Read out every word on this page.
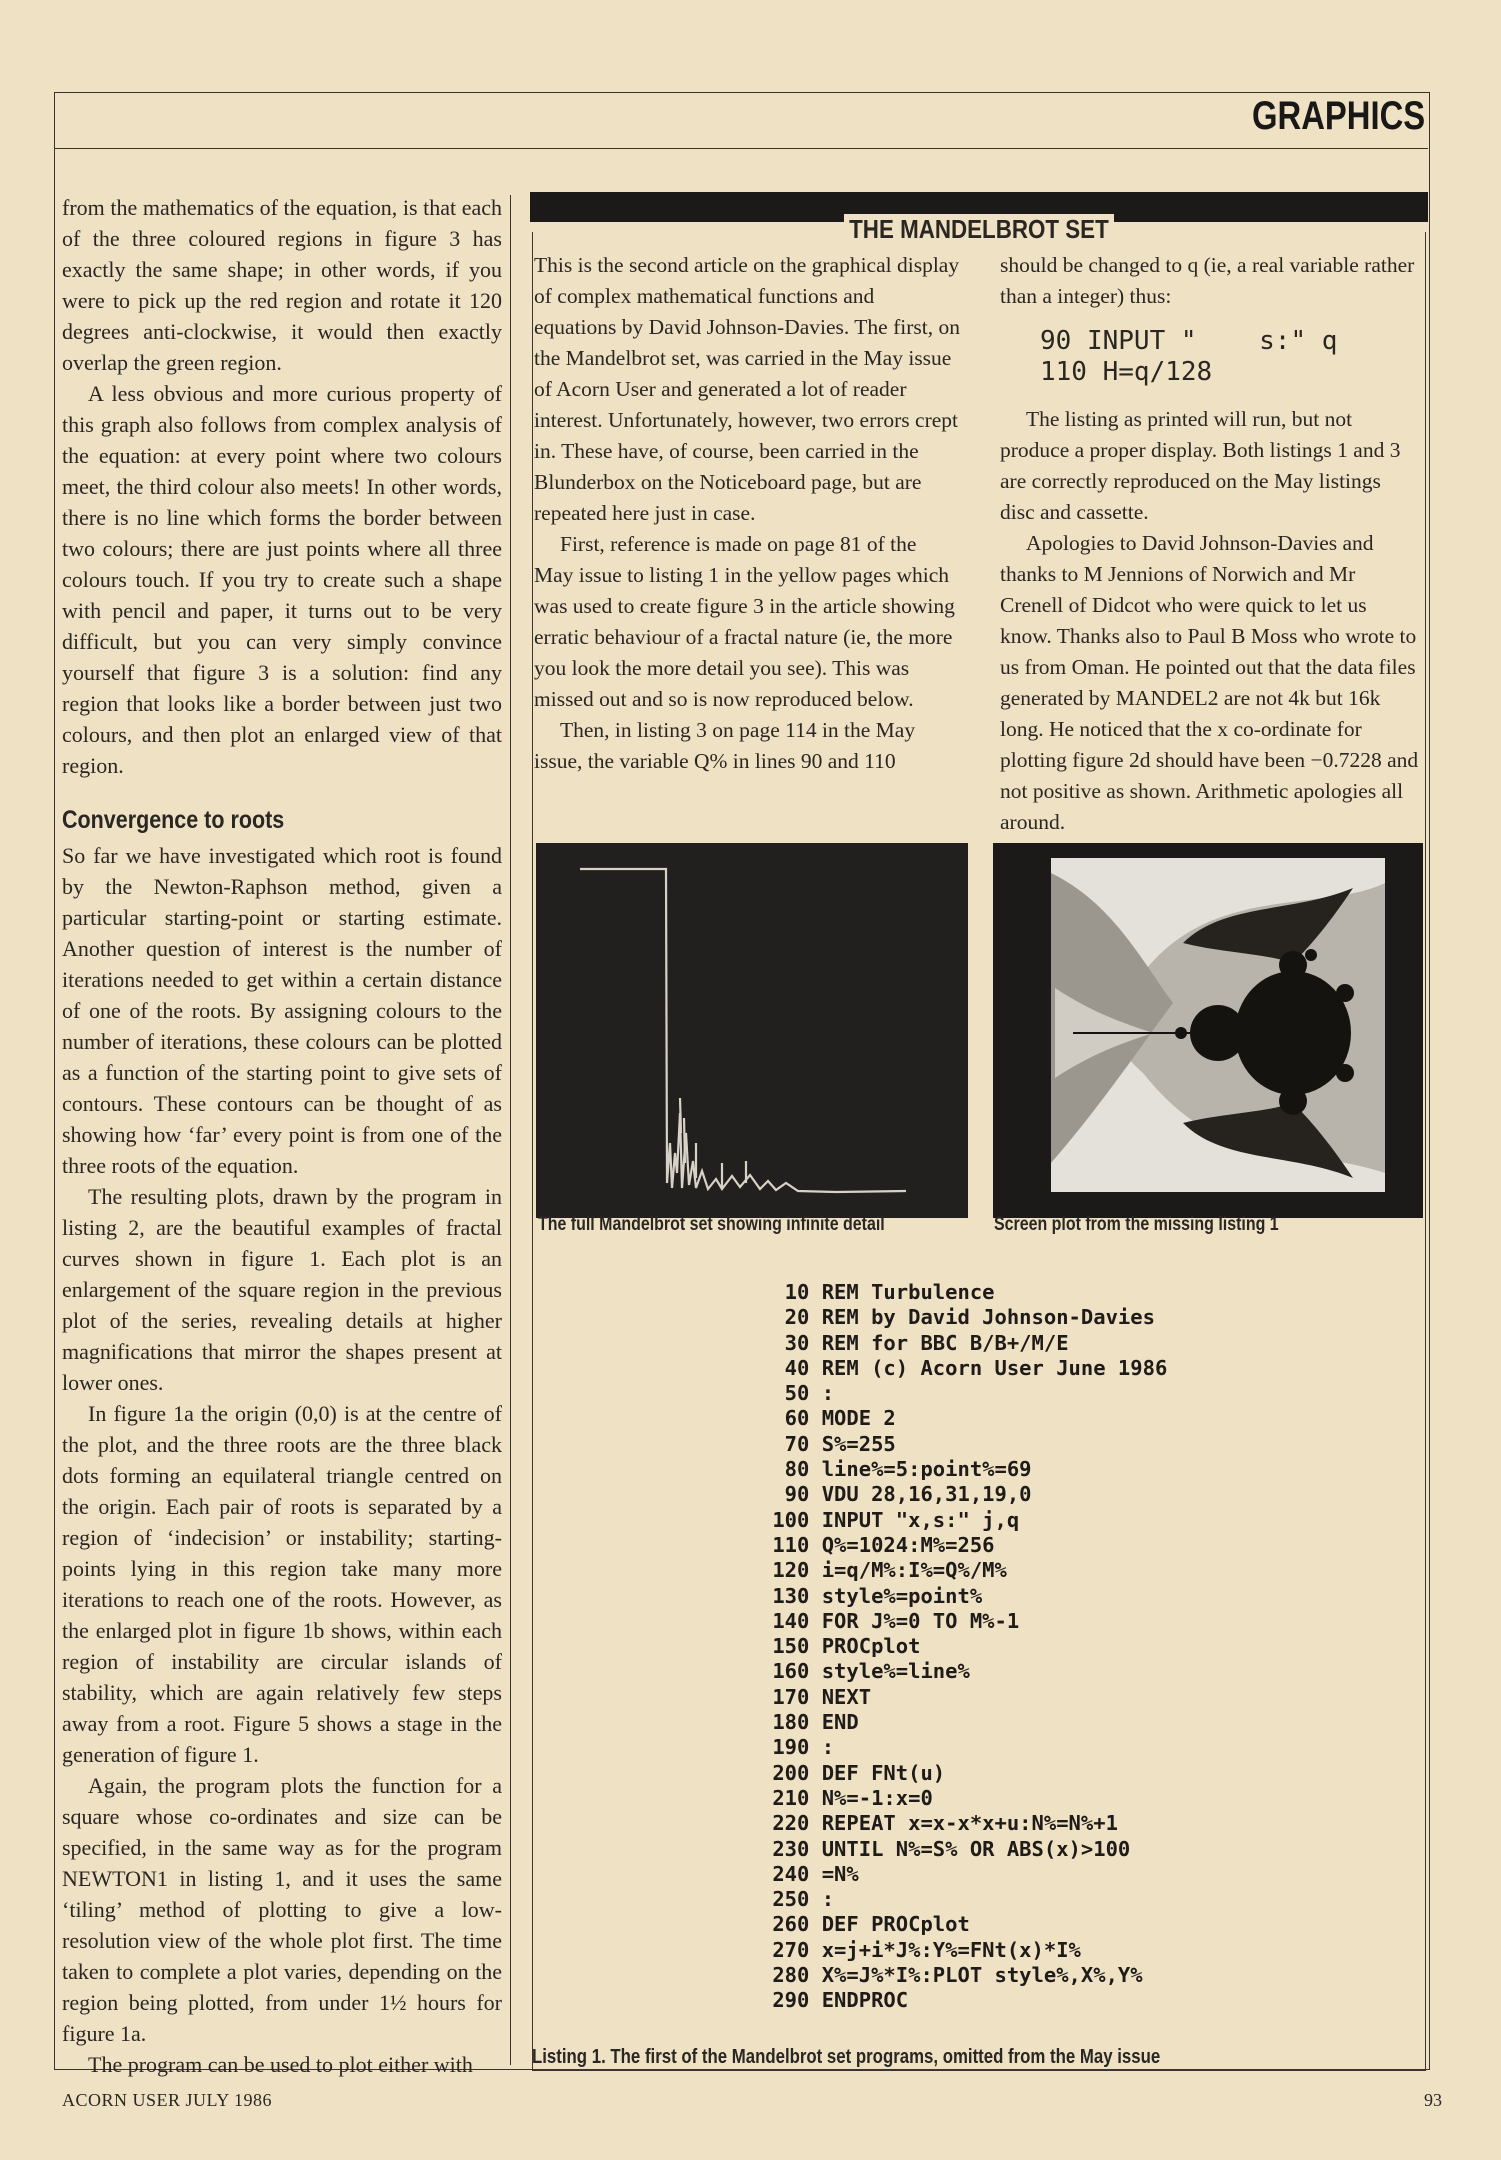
GRAPHICS

from the mathematics of the equation, is that each of the three coloured regions in figure 3 has exactly the same shape; in other words, if you were to pick up the red region and rotate it 120 degrees anti-clockwise, it would then exactly overlap the green region.

A less obvious and more curious property of this graph also follows from complex analysis of the equation: at every point where two colours meet, the third colour also meets! In other words, there is no line which forms the border between two colours; there are just points where all three colours touch. If you try to create such a shape with pencil and paper, it turns out to be very difficult, but you can very simply convince yourself that figure 3 is a solution: find any region that looks like a border between just two colours, and then plot an enlarged view of that region.

Convergence to roots

So far we have investigated which root is found by the Newton-Raphson method, given a particular starting-point or starting estimate. Another question of interest is the number of iterations needed to get within a certain distance of one of the roots. By assigning colours to the number of iterations, these colours can be plotted as a function of the starting point to give sets of contours. These contours can be thought of as showing how ‘far’ every point is from one of the three roots of the equation.

The resulting plots, drawn by the program in listing 2, are the beautiful examples of fractal curves shown in figure 1. Each plot is an enlargement of the square region in the previous plot of the series, revealing details at higher magnifications that mirror the shapes present at lower ones.

In figure 1a the origin (0,0) is at the centre of the plot, and the three roots are the three black dots forming an equilateral triangle centred on the origin. Each pair of roots is separated by a region of ‘indecision’ or instability; starting-points lying in this region take many more iterations to reach one of the roots. However, as the enlarged plot in figure 1b shows, within each region of instability are circular islands of stability, which are again relatively few steps away from a root. Figure 5 shows a stage in the generation of figure 1.

Again, the program plots the function for a square whose co-ordinates and size can be specified, in the same way as for the program NEWTON1 in listing 1, and it uses the same ‘tiling’ method of plotting to give a low-resolution view of the whole plot first. The time taken to complete a plot varies, depending on the region being plotted, from under 1½ hours for figure 1a.

The program can be used to plot either with

THE MANDELBROT SET

This is the second article on the graphical display of complex mathematical functions and equations by David Johnson-Davies. The first, on the Mandelbrot set, was carried in the May issue of Acorn User and generated a lot of reader interest. Unfortunately, however, two errors crept in. These have, of course, been carried in the Blunderbox on the Noticeboard page, but are repeated here just in case.

First, reference is made on page 81 of the May issue to listing 1 in the yellow pages which was used to create figure 3 in the article showing erratic behaviour of a fractal nature (ie, the more you look the more detail you see). This was missed out and so is now reproduced below.

Then, in listing 3 on page 114 in the May issue, the variable Q% in lines 90 and 110

should be changed to q (ie, a real variable rather than a integer) thus:

90 INPUT "    s:" q
110 H=q/128

The listing as printed will run, but not produce a proper display. Both listings 1 and 3 are correctly reproduced on the May listings disc and cassette.

Apologies to David Johnson-Davies and thanks to M Jennions of Norwich and Mr Crenell of Didcot who were quick to let us know. Thanks also to Paul B Moss who wrote to us from Oman. He pointed out that the data files generated by MANDEL2 are not 4k but 16k long. He noticed that the x co-ordinate for plotting figure 2d should have been −0.7228 and not positive as shown. Arithmetic apologies all around.

The full Mandelbrot set showing infinite detail	Screen plot from the missing listing 1
10 REM Turbulence
20 REM by David Johnson-Davies
30 REM for BBC B/B+/M/E
40 REM (c) Acorn User June 1986
50 :
60 MODE 2
70 S%=255
80 line%=5:point%=69
90 VDU 28,16,31,19,0
100 INPUT "x,s:" j,q
110 Q%=1024:M%=256
120 i=q/M%:I%=Q%/M%
130 style%=point%
140 FOR J%=0 TO M%-1
150 PROCplot
160 style%=line%
170 NEXT
180 END
190 :
200 DEF FNt(u)
210 N%=-1:x=0
220 REPEAT x=x-x*x+u:N%=N%+1
230 UNTIL N%=S% OR ABS(x)>100
240 =N%
250 :
260 DEF PROCplot
270 x=j+i*J%:Y%=FNt(x)*I%
280 X%=J%*I%:PLOT style%,X%,Y%
290 ENDPROC
Listing 1. The first of the Mandelbrot set programs, omitted from the May issue
ACORN USER JULY 1986	93
